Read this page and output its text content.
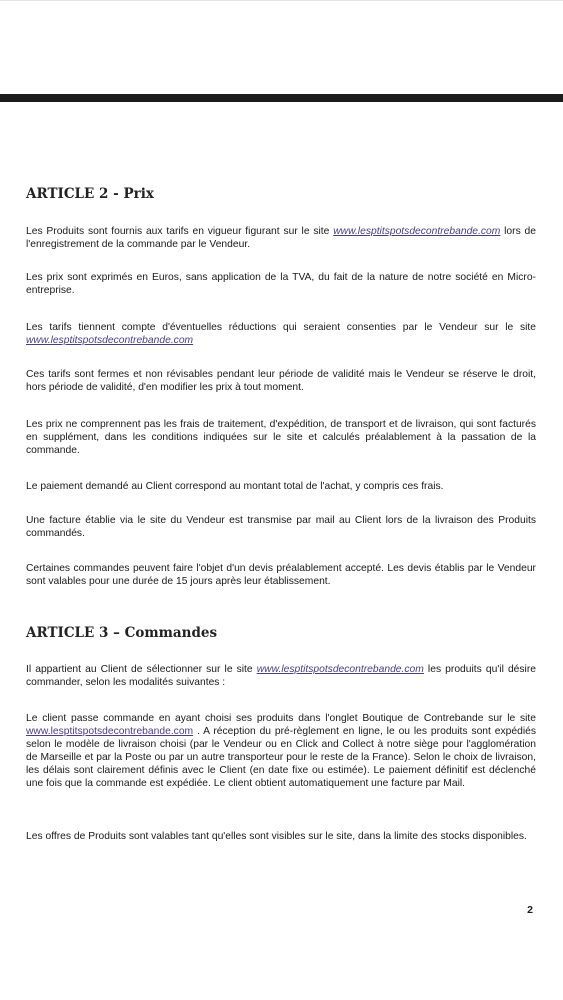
ARTICLE 2 - Prix

Les Produits sont fournis aux tarifs en vigueur figurant sur le site www.lesptitspotsdecontrebande.com lors de l'enregistrement de la commande par le Vendeur.

Les prix sont exprimés en Euros, sans application de la TVA, du fait de la nature de notre société en Micro-entreprise.

Les tarifs tiennent compte d'éventuelles réductions qui seraient consenties par le Vendeur sur le site www.lesptitspotsdecontrebande.com

Ces tarifs sont fermes et non révisables pendant leur période de validité mais le Vendeur se réserve le droit, hors période de validité, d'en modifier les prix à tout moment.

Les prix ne comprennent pas les frais de traitement, d'expédition, de transport et de livraison, qui sont facturés en supplément, dans les conditions indiquées sur le site et calculés préalablement à la passation de la commande.

Le paiement demandé au Client correspond au montant total de l'achat, y compris ces frais.

Une facture établie via le site du Vendeur est transmise par mail au Client lors de la livraison des Produits commandés.

Certaines commandes peuvent faire l'objet d'un devis préalablement accepté. Les devis établis par le Vendeur sont valables pour une durée de 15 jours après leur établissement.

ARTICLE 3 – Commandes

Il appartient au Client de sélectionner sur le site www.lesptitspotsdecontrebande.com les produits qu'il désire commander, selon les modalités suivantes :

Le client passe commande en ayant choisi ses produits dans l'onglet Boutique de Contrebande sur le site www.lesptitspotsdecontrebande.com . A réception du pré-règlement en ligne, le ou les produits sont expédiés selon le modèle de livraison choisi (par le Vendeur ou en Click and Collect à notre siège pour l'agglomération de Marseille et par la Poste ou par un autre transporteur pour le reste de la France). Selon le choix de livraison, les délais sont clairement définis avec le Client (en date fixe ou estimée). Le paiement définitif est déclenché une fois que la commande est expédiée. Le client obtient automatiquement une facture par Mail.

Les offres de Produits sont valables tant qu'elles sont visibles sur le site, dans la limite des stocks disponibles.

2
